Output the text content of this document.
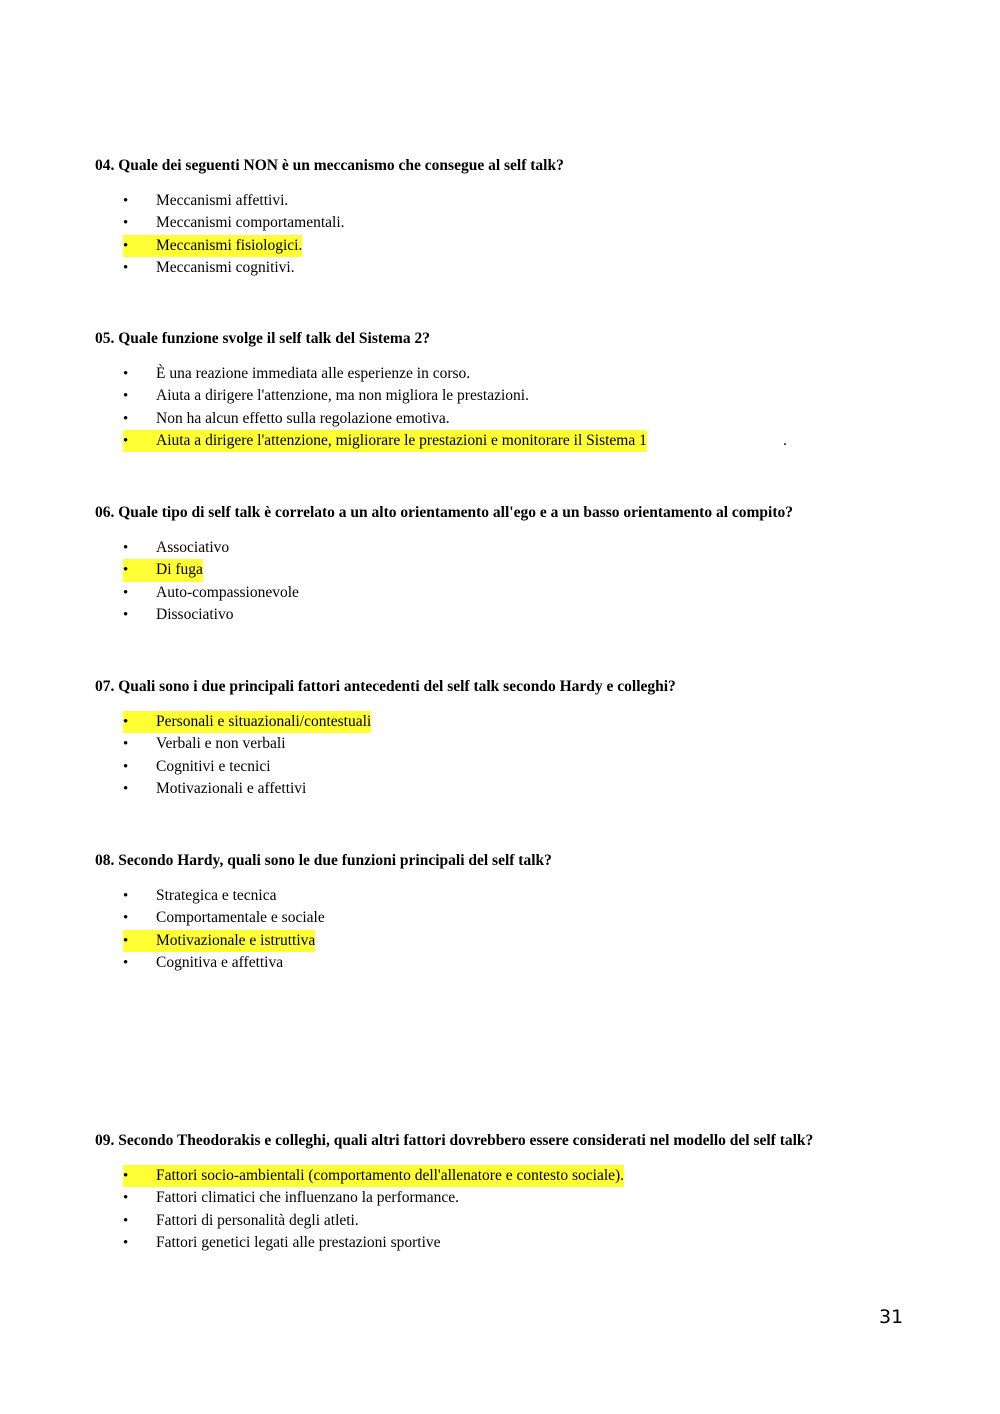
04. Quale dei seguenti NON è un meccanismo che consegue al self talk?

•
Meccanismi affettivi.
•
Meccanismi comportamentali.
•
Meccanismi fisiologici.
•
Meccanismi cognitivi.

05. Quale funzione svolge il self talk del Sistema 2?

•
È una reazione immediata alle esperienze in corso.
•
Aiuta a dirigere l'attenzione, ma non migliora le prestazioni.
•
Non ha alcun effetto sulla regolazione emotiva.
•
Aiuta a dirigere l'attenzione, migliorare le prestazioni e monitorare il Sistema 1	.

06. Quale tipo di self talk è correlato a un alto orientamento all'ego e a un basso orientamento al compito?

•
Associativo
•
Di fuga
•
Auto-compassionevole
•
Dissociativo

07. Quali sono i due principali fattori antecedenti del self talk secondo Hardy e colleghi?

•
Personali e situazionali/contestuali
•
Verbali e non verbali
•
Cognitivi e tecnici
•
Motivazionali e affettivi

08. Secondo Hardy, quali sono le due funzioni principali del self talk?

•
Strategica e tecnica
•
Comportamentale e sociale
•
Motivazionale e istruttiva
•
Cognitiva e affettiva

09. Secondo Theodorakis e colleghi, quali altri fattori dovrebbero essere considerati nel modello del self talk?

•
Fattori socio-ambientali (comportamento dell'allenatore e contesto sociale).
•
Fattori climatici che influenzano la performance.
•
Fattori di personalità degli atleti.
•
Fattori genetici legati alle prestazioni sportive
31
